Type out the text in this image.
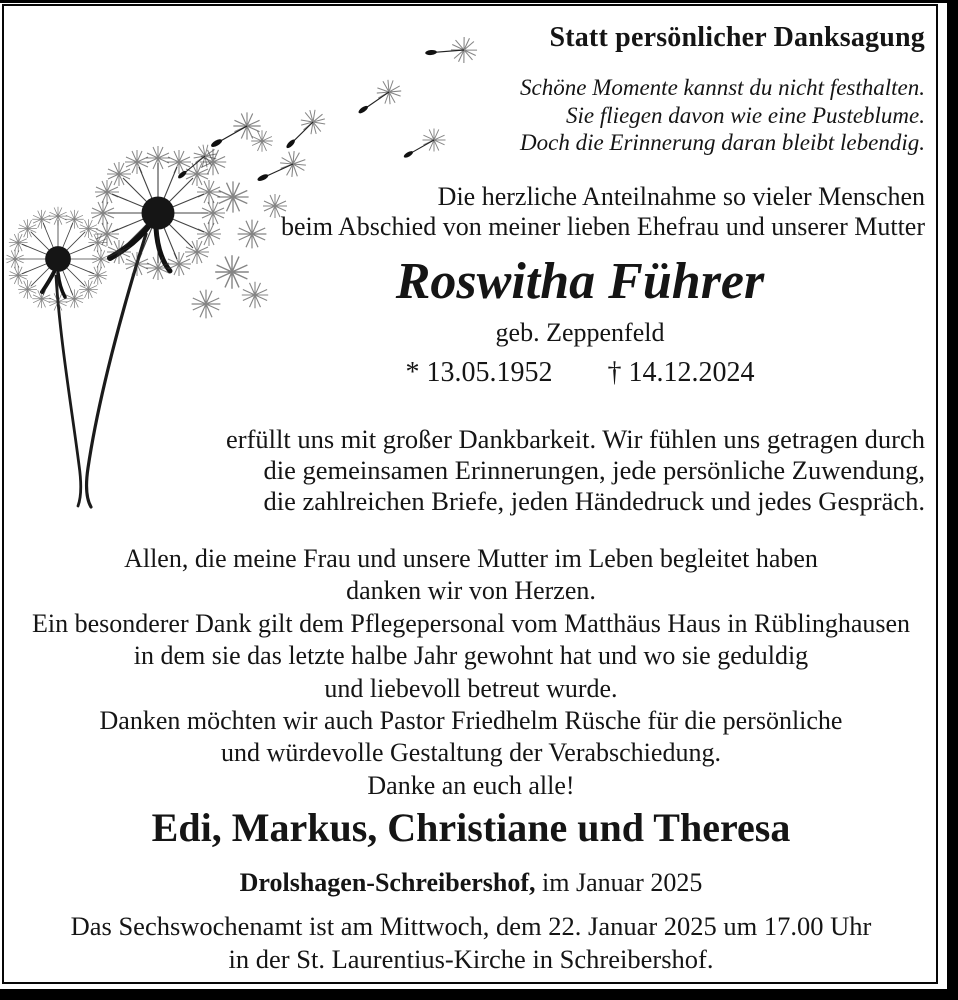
Statt persönlicher Danksagung
Schöne Momente kannst du nicht festhalten.
Sie fliegen davon wie eine Pusteblume.
Doch die Erinnerung daran bleibt lebendig.
Die herzliche Anteilnahme so vieler Menschen
beim Abschied von meiner lieben Ehefrau und unserer Mutter
Roswitha Führer
geb. Zeppenfeld
* 13.05.1952 † 14.12.2024
erfüllt uns mit großer Dankbarkeit. Wir fühlen uns getragen durch
die gemeinsamen Erinnerungen, jede persönliche Zuwendung,
die zahlreichen Briefe, jeden Händedruck und jedes Gespräch.
Allen, die meine Frau und unsere Mutter im Leben begleitet haben
danken wir von Herzen.
Ein besonderer Dank gilt dem Pflegepersonal vom Matthäus Haus in Rüblinghausen
in dem sie das letzte halbe Jahr gewohnt hat und wo sie geduldig
und liebevoll betreut wurde.
Danken möchten wir auch Pastor Friedhelm Rüsche für die persönliche
und würdevolle Gestaltung der Verabschiedung.
Danke an euch alle!
Edi, Markus, Christiane und Theresa
Drolshagen-Schreibershof, im Januar 2025
Das Sechswochenamt ist am Mittwoch, dem 22. Januar 2025 um 17.00 Uhr
in der St. Laurentius-Kirche in Schreibershof.
